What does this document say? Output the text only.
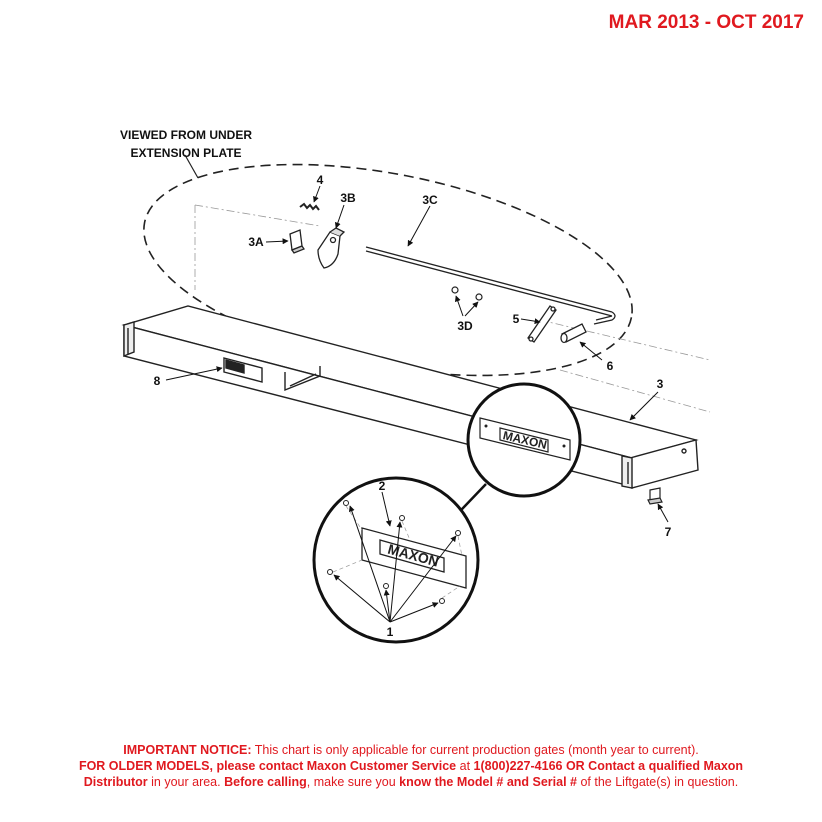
MAR 2013 - OCT 2017
MAXON
MAXON
VIEWED FROM UNDER
EXTENSION PLATE
4
3B	3C
3A
3D	5
6
3
8
7
2
1
IMPORTANT NOTICE: This chart is only applicable for current production gates (month year to current).
FOR OLDER MODELS, please contact Maxon Customer Service at 1(800)227-4166 OR Contact a qualified Maxon
Distributor in your area. Before calling, make sure you know the Model # and Serial # of the Liftgate(s) in question.
